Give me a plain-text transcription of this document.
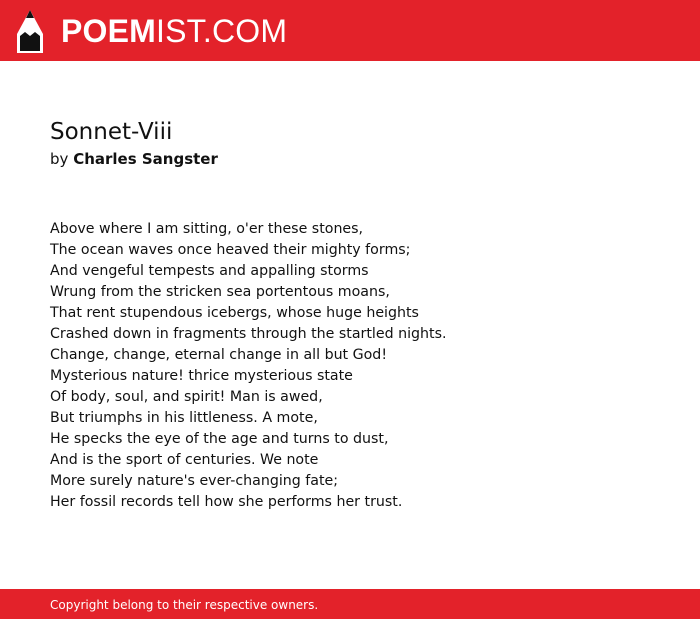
POEMIST.COM
Sonnet-Viii
by Charles Sangster
Above where I am sitting, o'er these stones,
The ocean waves once heaved their mighty forms;
And vengeful tempests and appalling storms
Wrung from the stricken sea portentous moans,
That rent stupendous icebergs, whose huge heights
Crashed down in fragments through the startled nights.
Change, change, eternal change in all but God!
Mysterious nature! thrice mysterious state
Of body, soul, and spirit! Man is awed,
But triumphs in his littleness. A mote,
He specks the eye of the age and turns to dust,
And is the sport of centuries. We note
More surely nature's ever-changing fate;
Her fossil records tell how she performs her trust.
Copyright belong to their respective owners.
